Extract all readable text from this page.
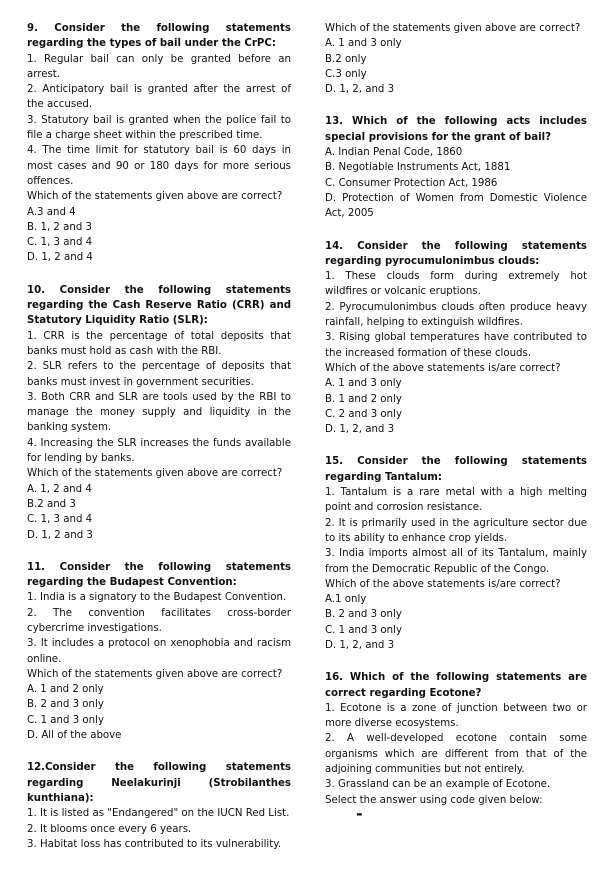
9. Consider the following statements regarding the types of bail under the CrPC:

1. Regular bail can only be granted before an arrest.

2. Anticipatory bail is granted after the arrest of the accused.

3. Statutory bail is granted when the police fail to file a charge sheet within the prescribed time.

4. The time limit for statutory bail is 60 days in most cases and 90 or 180 days for more serious offences.

Which of the statements given above are correct?

A.3 and 4

B. 1, 2 and 3

C. 1, 3 and 4

D. 1, 2 and 4

10. Consider the following statements regarding the Cash Reserve Ratio (CRR) and Statutory Liquidity Ratio (SLR):

1. CRR is the percentage of total deposits that banks must hold as cash with the RBI.

2. SLR refers to the percentage of deposits that banks must invest in government securities.

3. Both CRR and SLR are tools used by the RBI to manage the money supply and liquidity in the banking system.

4. Increasing the SLR increases the funds available for lending by banks.

Which of the statements given above are correct?

A. 1, 2 and 4

B.2 and 3

C. 1, 3 and 4

D. 1, 2 and 3

11. Consider the following statements regarding the Budapest Convention:

1. India is a signatory to the Budapest Convention.

2. The convention facilitates cross-border cybercrime investigations.

3. It includes a protocol on xenophobia and racism online.

Which of the statements given above are correct?

A. 1 and 2 only

B. 2 and 3 only

C. 1 and 3 only

D. All of the above

12.Consider the following statements regarding Neelakurinji (Strobilanthes kunthiana):

1. It is listed as "Endangered" on the IUCN Red List.

2. It blooms once every 6 years.

3. Habitat loss has contributed to its vulnerability.

Which of the statements given above are correct?

A. 1 and 3 only

B.2 only

C.3 only

D. 1, 2, and 3

13. Which of the following acts includes special provisions for the grant of bail?

A. Indian Penal Code, 1860

B. Negotiable Instruments Act, 1881

C. Consumer Protection Act, 1986

D. Protection of Women from Domestic Violence Act, 2005

14. Consider the following statements regarding pyrocumulonimbus clouds:

1. These clouds form during extremely hot wildfires or volcanic eruptions.

2. Pyrocumulonimbus clouds often produce heavy rainfall, helping to extinguish wildfires.

3. Rising global temperatures have contributed to the increased formation of these clouds.

Which of the above statements is/are correct?

A. 1 and 3 only

B. 1 and 2 only

C. 2 and 3 only

D. 1, 2, and 3

15. Consider the following statements regarding Tantalum:

1. Tantalum is a rare metal with a high melting point and corrosion resistance.

2. It is primarily used in the agriculture sector due to its ability to enhance crop yields.

3. India imports almost all of its Tantalum, mainly from the Democratic Republic of the Congo.

Which of the above statements is/are correct?

A.1 only

B. 2 and 3 only

C. 1 and 3 only

D. 1, 2, and 3

16. Which of the following statements are correct regarding Ecotone?

1. Ecotone is a zone of junction between two or more diverse ecosystems.

2. A well-developed ecotone contain some organisms which are different from that of the adjoining communities but not entirely.

3. Grassland can be an example of Ecotone.

Select the answer using code given below:

-
